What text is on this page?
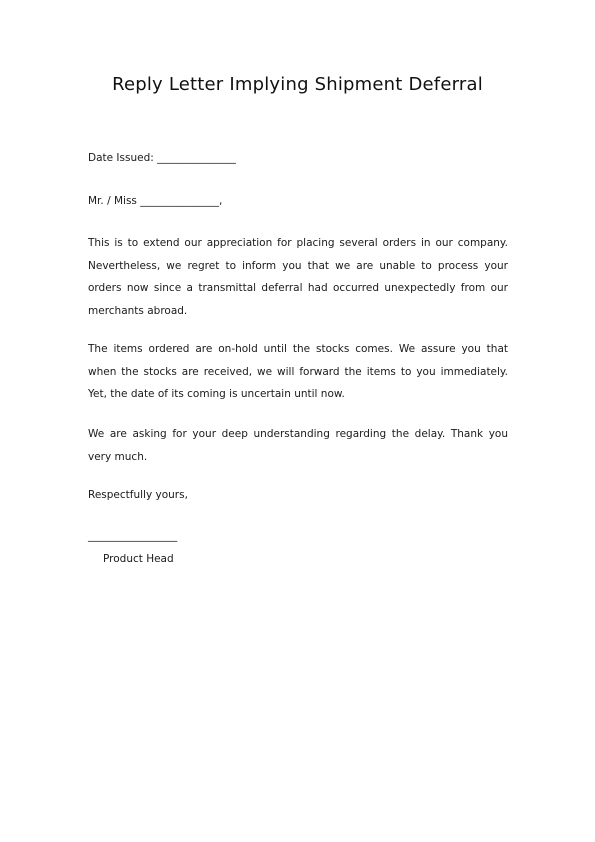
Reply Letter Implying Shipment Deferral
Date Issued: _______________
Mr. / Miss _______________,
This is to extend our appreciation for placing several orders in our company. Nevertheless, we regret to inform you that we are unable to process your orders now since a transmittal deferral had occurred unexpectedly from our merchants abroad.
The items ordered are on-hold until the stocks comes. We assure you that when the stocks are received, we will forward the items to you immediately. Yet, the date of its coming is uncertain until now.
We are asking for your deep understanding regarding the delay. Thank you very much.
Respectfully yours,
_________________
Product Head
